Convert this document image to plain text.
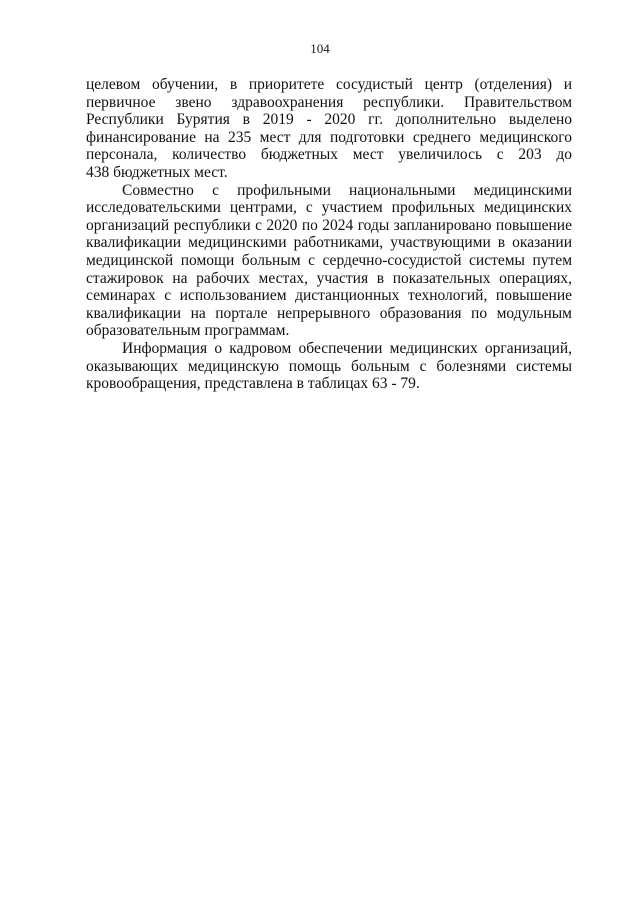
104
целевом обучении, в приоритете сосудистый центр (отделения) и
первичное звено здравоохранения республики. Правительством
Республики Бурятия в 2019 - 2020 гг. дополнительно выделено
финансирование на 235 мест для подготовки среднего медицинского
персонала, количество бюджетных мест увеличилось с 203 до
438 бюджетных мест.
Совместно с профильными национальными медицинскими
исследовательскими центрами, с участием профильных медицинских
организаций республики с 2020 по 2024 годы запланировано повышение
квалификации медицинскими работниками, участвующими в оказании
медицинской помощи больным с сердечно-сосудистой системы путем
стажировок на рабочих местах, участия в показательных операциях,
семинарах с использованием дистанционных технологий, повышение
квалификации на портале непрерывного образования по модульным
образовательным программам.
Информация о кадровом обеспечении медицинских организаций,
оказывающих медицинскую помощь больным с болезнями системы
кровообращения, представлена в таблицах 63 - 79.
